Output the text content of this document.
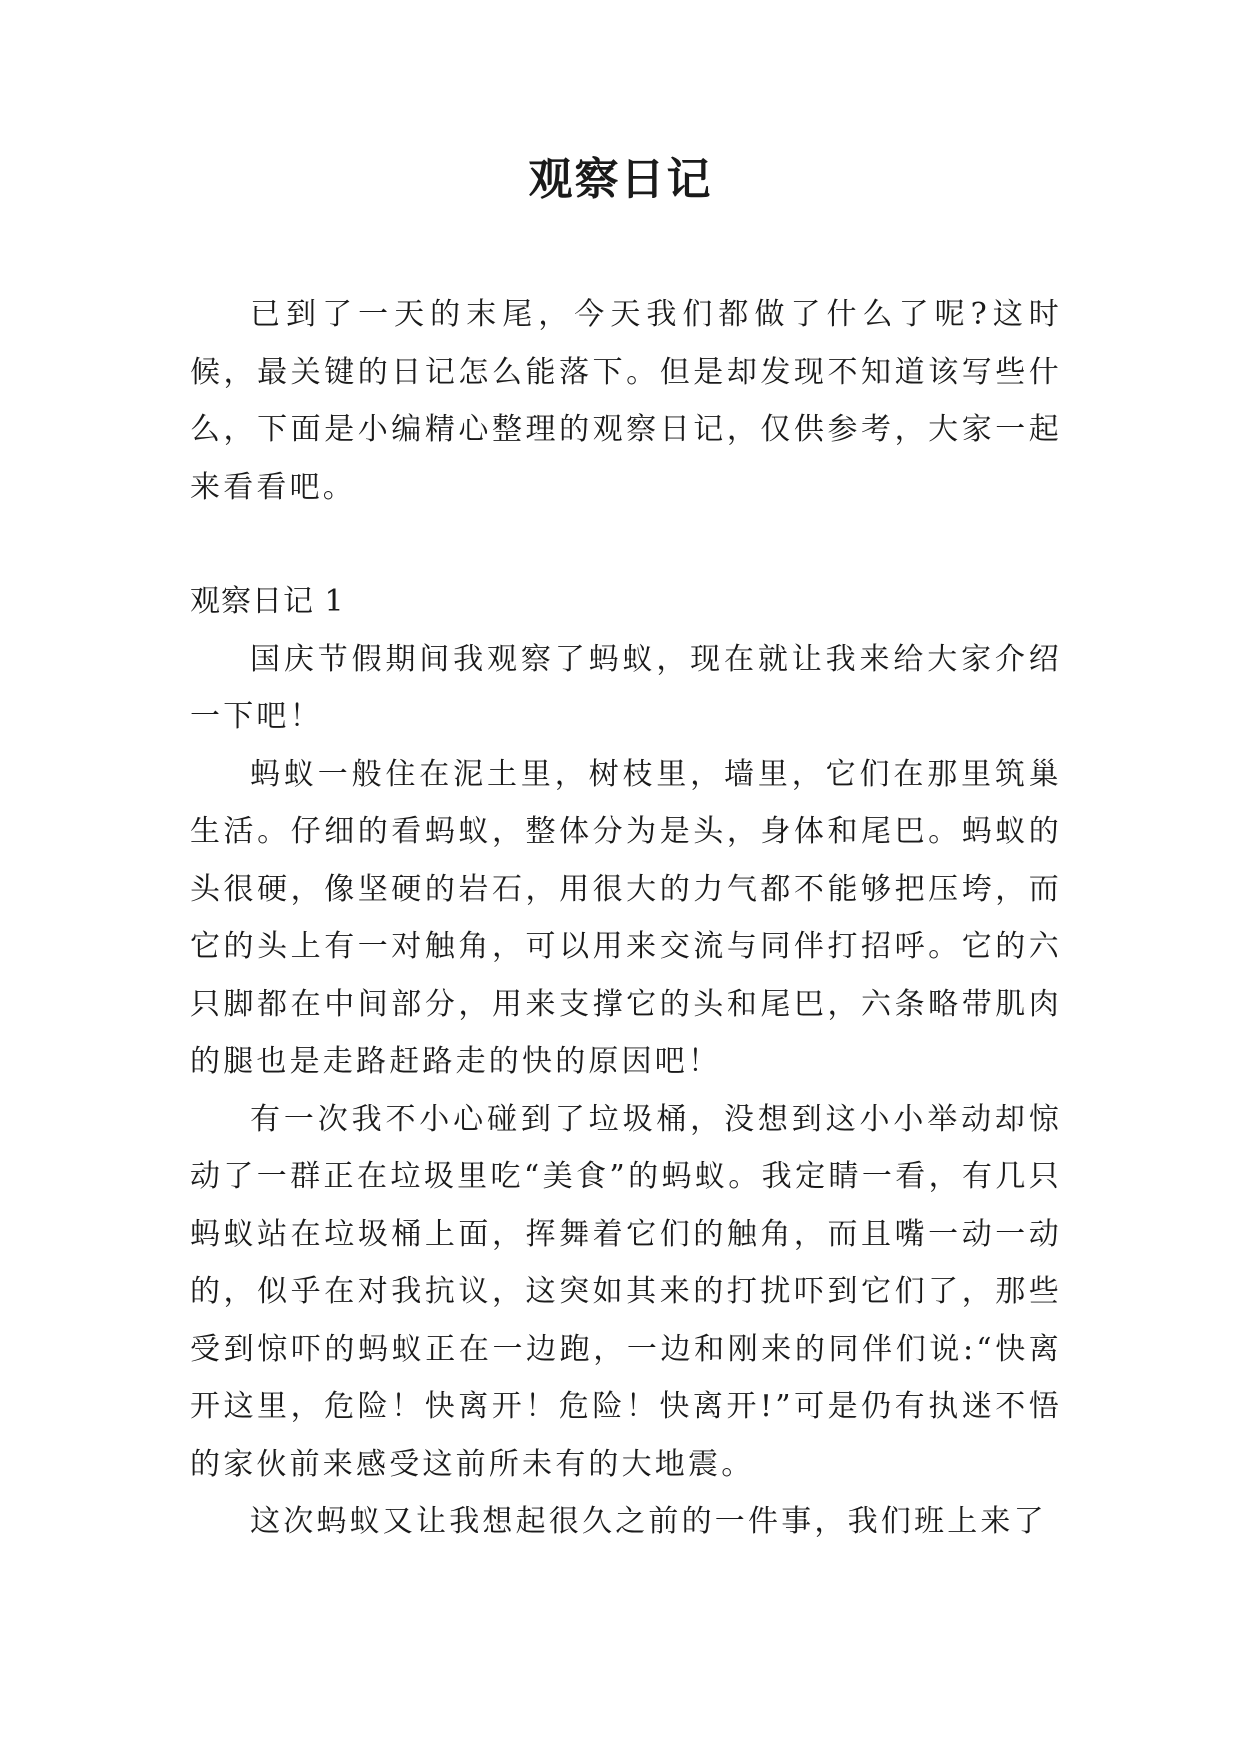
观察日记

已到了一天的末尾，今天我们都做了什么了呢?这时候，最关键的日记怎么能落下。但是却发现不知道该写些什么，下面是小编精心整理的观察日记，仅供参考，大家一起来看看吧。

观察日记 1

国庆节假期间我观察了蚂蚁，现在就让我来给大家介绍一下吧！

蚂蚁一般住在泥土里，树枝里，墙里，它们在那里筑巢生活。仔细的看蚂蚁，整体分为是头，身体和尾巴。蚂蚁的头很硬，像坚硬的岩石，用很大的力气都不能够把压垮，而它的头上有一对触角，可以用来交流与同伴打招呼。它的六只脚都在中间部分，用来支撑它的头和尾巴，六条略带肌肉的腿也是走路赶路走的快的原因吧！

有一次我不小心碰到了垃圾桶，没想到这小小举动却惊动了一群正在垃圾里吃“美食”的蚂蚁。我定睛一看，有几只蚂蚁站在垃圾桶上面，挥舞着它们的触角，而且嘴一动一动的，似乎在对我抗议，这突如其来的打扰吓到它们了，那些受到惊吓的蚂蚁正在一边跑，一边和刚来的同伴们说:“快离开这里，危险！快离开！危险！快离开!”可是仍有执迷不悟的家伙前来感受这前所未有的大地震。

这次蚂蚁又让我想起很久之前的一件事，我们班上来了
